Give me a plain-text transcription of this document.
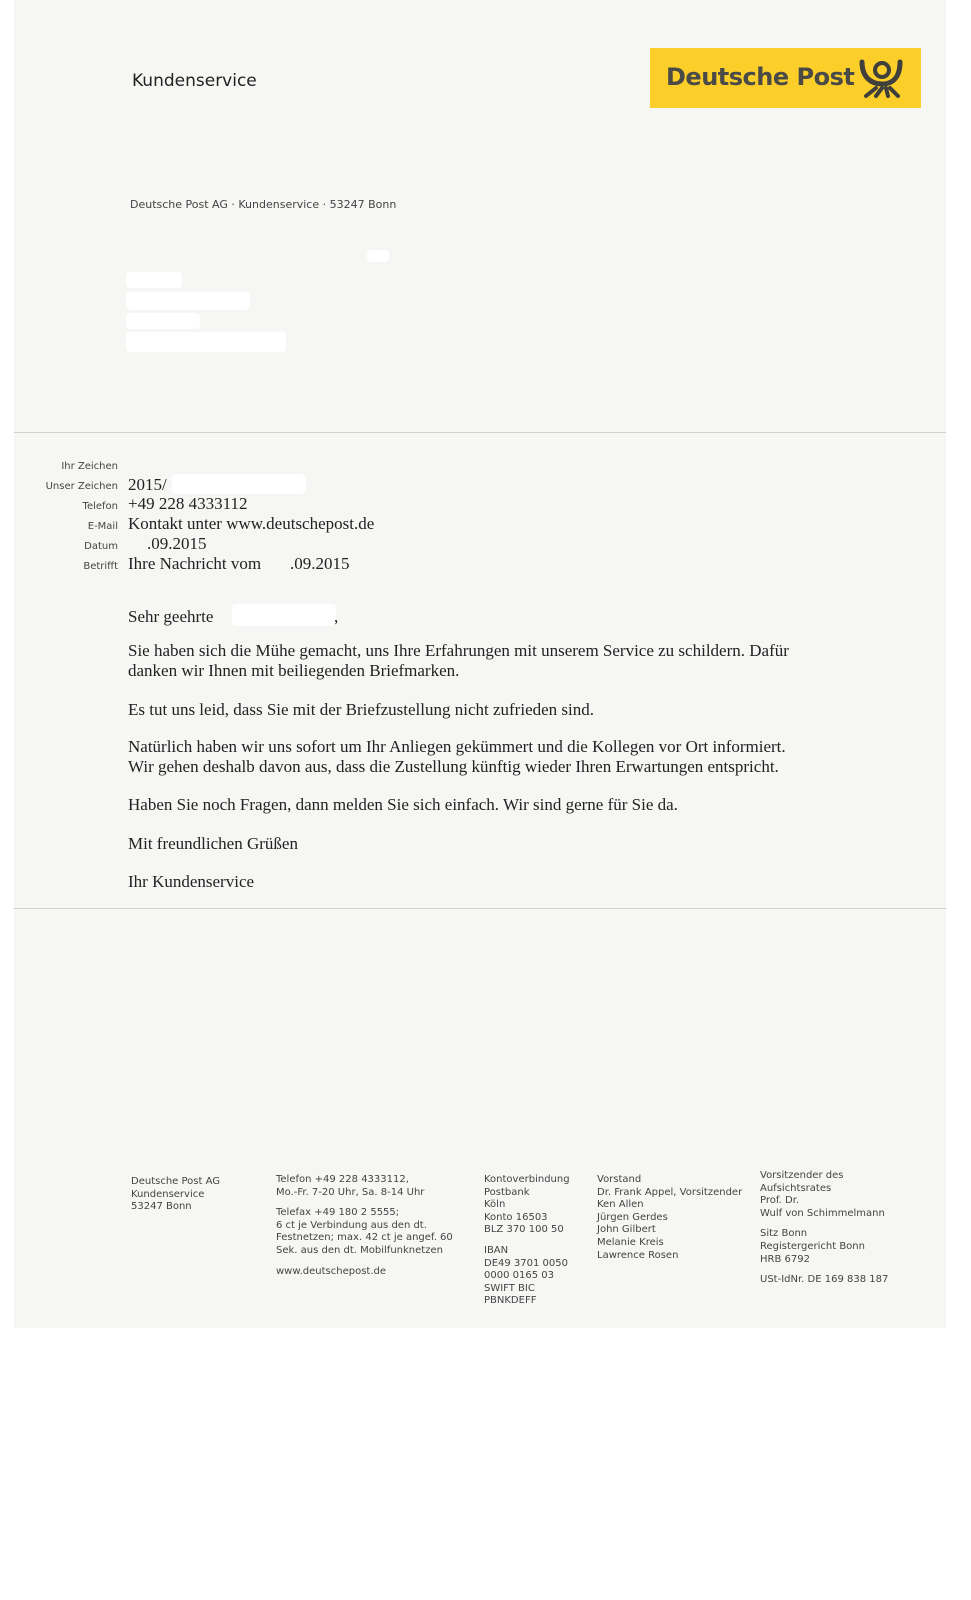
Kundenservice	Deutsche Post
Deutsche Post AG · Kundenservice · 53247 Bonn
Ihr Zeichen
Unser Zeichen 2015/
Telefon +49 228 4333112
E-Mail Kontakt unter www.deutschepost.de
Datum .09.2015
Betrifft Ihre Nachricht vom .09.2015
Sehr geehrte	,
Sie haben sich die Mühe gemacht, uns Ihre Erfahrungen mit unserem Service zu schildern. Dafür
danken wir Ihnen mit beiliegenden Briefmarken.
Es tut uns leid, dass Sie mit der Briefzustellung nicht zufrieden sind.
Natürlich haben wir uns sofort um Ihr Anliegen gekümmert und die Kollegen vor Ort informiert.
Wir gehen deshalb davon aus, dass die Zustellung künftig wieder Ihren Erwartungen entspricht.
Haben Sie noch Fragen, dann melden Sie sich einfach. Wir sind gerne für Sie da.
Mit freundlichen Grüßen
Ihr Kundenservice
Deutsche Post AG
Kundenservice
53247 Bonn
Telefon +49 228 4333112,
Mo.-Fr. 7-20 Uhr, Sa. 8-14 Uhr
Telefax +49 180 2 5555;
6 ct je Verbindung aus den dt.
Festnetzen; max. 42 ct je angef. 60
Sek. aus den dt. Mobilfunknetzen
www.deutschepost.de
Kontoverbindung
Postbank
Köln
Konto 16503
BLZ 370 100 50
IBAN
DE49 3701 0050
0000 0165 03
SWIFT BIC
PBNKDEFF
Vorstand
Dr. Frank Appel, Vorsitzender
Ken Allen
Jürgen Gerdes
John Gilbert
Melanie Kreis
Lawrence Rosen
Vorsitzender des
Aufsichtsrates
Prof. Dr.
Wulf von Schimmelmann
Sitz Bonn
Registergericht Bonn
HRB 6792
USt-IdNr. DE 169 838 187
